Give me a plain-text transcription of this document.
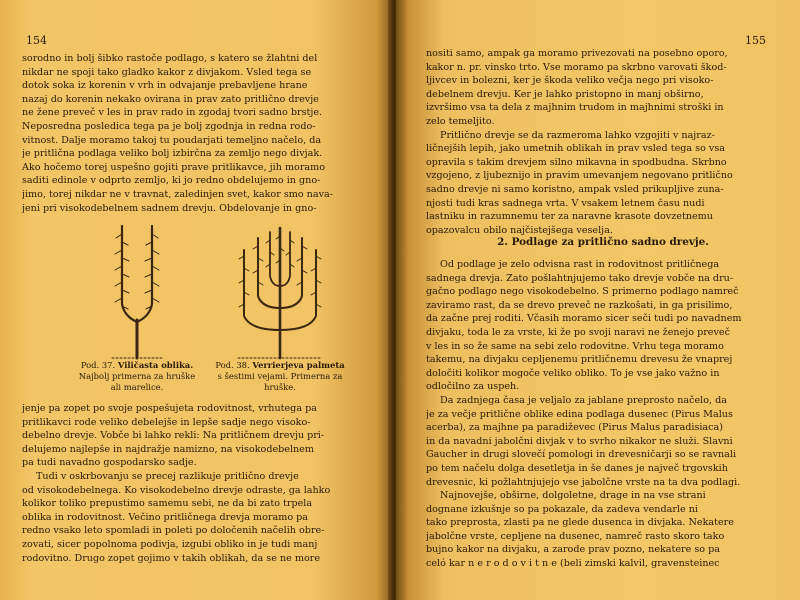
154

sorodno in bolj šibko rastoče podlago, s katero se žlahtni del
nikdar ne spoji tako gladko kakor z divjakom. Vsled tega se
dotok soka iz korenin v vrh in odvajanje prebavljene hrane
nazaj do korenin nekako ovirana in prav zato pritlično drevje
ne žene preveč v les in prav rado in zgodaj tvori sadno brstje.
Neposredna posledica tega pa je bolj zgodnja in redna rodo-
vitnost. Dalje moramo takoj tu poudarjati temeljno načelo, da
je pritlična podlaga veliko bolj izbirčna za zemljo nego divjak.
Ako hočemo torej uspešno gojiti prave pritlikavce, jih moramo
saditi edinole v odprto zemljo, ki jo redno obdelujemo in gno-
jimo, torej nikdar ne v travnat, zaledinjen svet, kakor smo nava-
jeni pri visokodebelnem sadnem drevju. Obdelovanje in gno-

Pod. 37. Viličasta oblika.
Najbolj primerna za hruške
ali marelice.
Pod. 38. Verrierjeva palmeta
s šestimi vejami. Primerna za
hruške.

jenje pa zopet po svoje pospešujeta rodovitnost, vrhutega pa
pritlikavci rode veliko debelejše in lepše sadje nego visoko-
debelno drevje. Vobče bi lahko rekli: Na pritličnem drevju pri-
delujemo najlepše in najdražje namizno, na visokodebelnem
pa tudi navadno gospodarsko sadje.

Tudi v oskrbovanju se precej razlikuje pritlično drevje
od visokodebelnega. Ko visokodebelno drevje odraste, ga lahko
kolikor toliko prepustimo samemu sebi, ne da bi zato trpela
oblika in rodovitnost. Večino pritličnega drevja moramo pa
redno vsako leto spomladi in poleti po določenih načelih obre-
zovati, sicer popolnoma podivja, izgubi obliko in je tudi manj
rodovitno. Drugo zopet gojimo v takih oblikah, da se ne more

155

nositi samo, ampak ga moramo privezovati na posebno oporo,
kakor n. pr. vinsko trto. Vse moramo pa skrbno varovati škod-
ljivcev in bolezni, ker je škoda veliko večja nego pri visoko-
debelnem drevju. Ker je lahko pristopno in manj obširno,
izvršimo vsa ta dela z majhnim trudom in majhnimi stroški in
zelo temeljito.

Pritlično drevje se da razmeroma lahko vzgojiti v najraz-
ličnejših lepih, jako umetnih oblikah in prav vsled tega so vsa
opravila s takim drevjem silno mikavna in spodbudna. Skrbno
vzgojeno, z ljubeznijo in pravim umevanjem negovano pritlično
sadno drevje ni samo koristno, ampak vsled prikupljive zuna-
njosti tudi kras sadnega vrta. V vsakem letnem času nudi
lastniku in razumnemu ter za naravne krasote dovzetnemu
opazovalcu obilo najčistejšega veselja.

2. Podlage za pritlično sadno drevje.

Od podlage je zelo odvisna rast in rodovitnost pritličnega
sadnega drevja. Zato pošlahtnjujemo tako drevje vobče na dru-
gačno podlago nego visokodebelno. S primerno podlago namreč
zaviramo rast, da se drevo preveč ne razkošati, in ga prisilimo,
da začne prej roditi. Včasih moramo sicer seči tudi po navadnem
divjaku, toda le za vrste, ki že po svoji naravi ne ženejo preveč
v les in so že same na sebi zelo rodovitne. Vrhu tega moramo
takemu, na divjaku cepljenemu pritličnemu drevesu že vnaprej
določiti kolikor mogoče veliko obliko. To je vse jako važno in
odločilno za uspeh.

Da zadnjega časa je veljalo za jablane preprosto načelo, da
je za večje pritlične oblike edina podlaga dusenec (Pirus Malus
acerba), za majhne pa paradiževec (Pirus Malus paradisiaca)
in da navadni jabolčni divjak v to svrho nikakor ne služi. Slavni
Gaucher in drugi slovečí pomologi in drevesničarji so se ravnali
po tem načelu dolga desetletja in še danes je največ trgovskih
drevesnic, ki požlahtnjujejo vse jabolčne vrste na ta dva podlagi.
Najnovejše, obširne, dolgoletne, drage in na vse strani
dognane izkušnje so pa pokazale, da zadeva vendarle ni
tako preprosta, zlasti pa ne glede dusenca in divjaka. Nekatere
jabolčne vrste, cepljene na dusenec, namreč rasto skoro tako
bujno kakor na divjaku, a zarode prav pozno, nekatere so pa
celó kar n e r o d o v i t n e (beli zimski kalvil, gravensteinec
